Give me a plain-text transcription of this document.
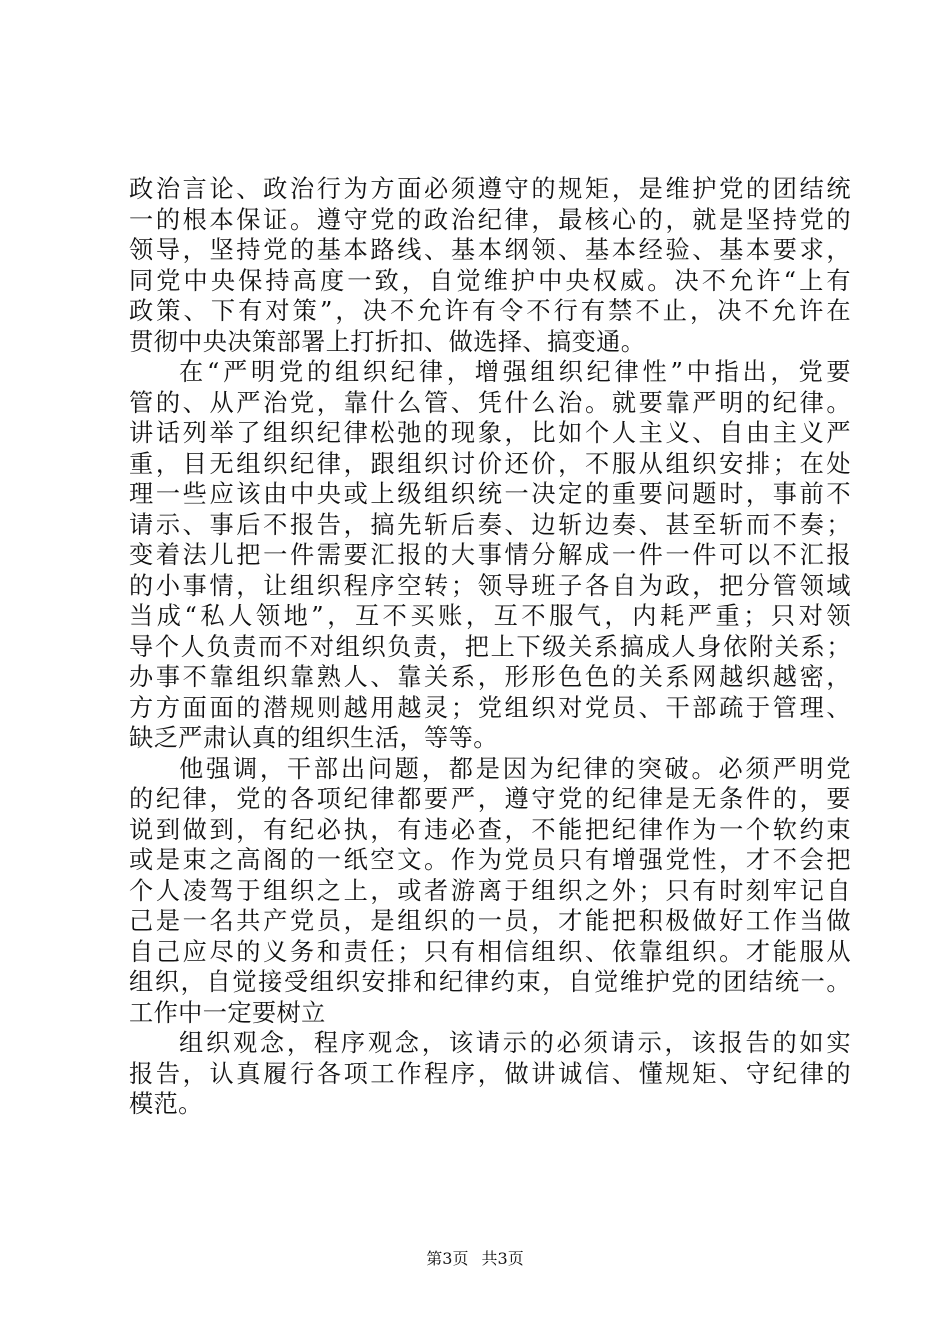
政治言论、政治行为方面必须遵守的规矩，是维护党的团结统
一的根本保证。遵守党的政治纪律，最核心的，就是坚持党的
领导，坚持党的基本路线、基本纲领、基本经验、基本要求，
同党中央保持高度一致，自觉维护中央权威。决不允许“上有
政策、下有对策”，决不允许有令不行有禁不止，决不允许在
贯彻中央决策部署上打折扣、做选择、搞变通。
在“严明党的组织纪律，增强组织纪律性”中指出，党要
管的、从严治党，靠什么管、凭什么治。就要靠严明的纪律。
讲话列举了组织纪律松弛的现象，比如个人主义、自由主义严
重，目无组织纪律，跟组织讨价还价，不服从组织安排；在处
理一些应该由中央或上级组织统一决定的重要问题时，事前不
请示、事后不报告，搞先斩后奏、边斩边奏、甚至斩而不奏；
变着法儿把一件需要汇报的大事情分解成一件一件可以不汇报
的小事情，让组织程序空转；领导班子各自为政，把分管领域
当成“私人领地”，互不买账，互不服气，内耗严重；只对领
导个人负责而不对组织负责，把上下级关系搞成人身依附关系；
办事不靠组织靠熟人、靠关系，形形色色的关系网越织越密，
方方面面的潜规则越用越灵；党组织对党员、干部疏于管理、
缺乏严肃认真的组织生活，等等。
他强调，干部出问题，都是因为纪律的突破。必须严明党
的纪律，党的各项纪律都要严，遵守党的纪律是无条件的，要
说到做到，有纪必执，有违必查，不能把纪律作为一个软约束
或是束之高阁的一纸空文。作为党员只有增强党性，才不会把
个人凌驾于组织之上，或者游离于组织之外；只有时刻牢记自
己是一名共产党员，是组织的一员，才能把积极做好工作当做
自己应尽的义务和责任；只有相信组织、依靠组织。才能服从
组织，自觉接受组织安排和纪律约束，自觉维护党的团结统一。
工作中一定要树立
组织观念，程序观念，该请示的必须请示，该报告的如实
报告，认真履行各项工作程序，做讲诚信、懂规矩、守纪律的
模范。
第3页 共3页
